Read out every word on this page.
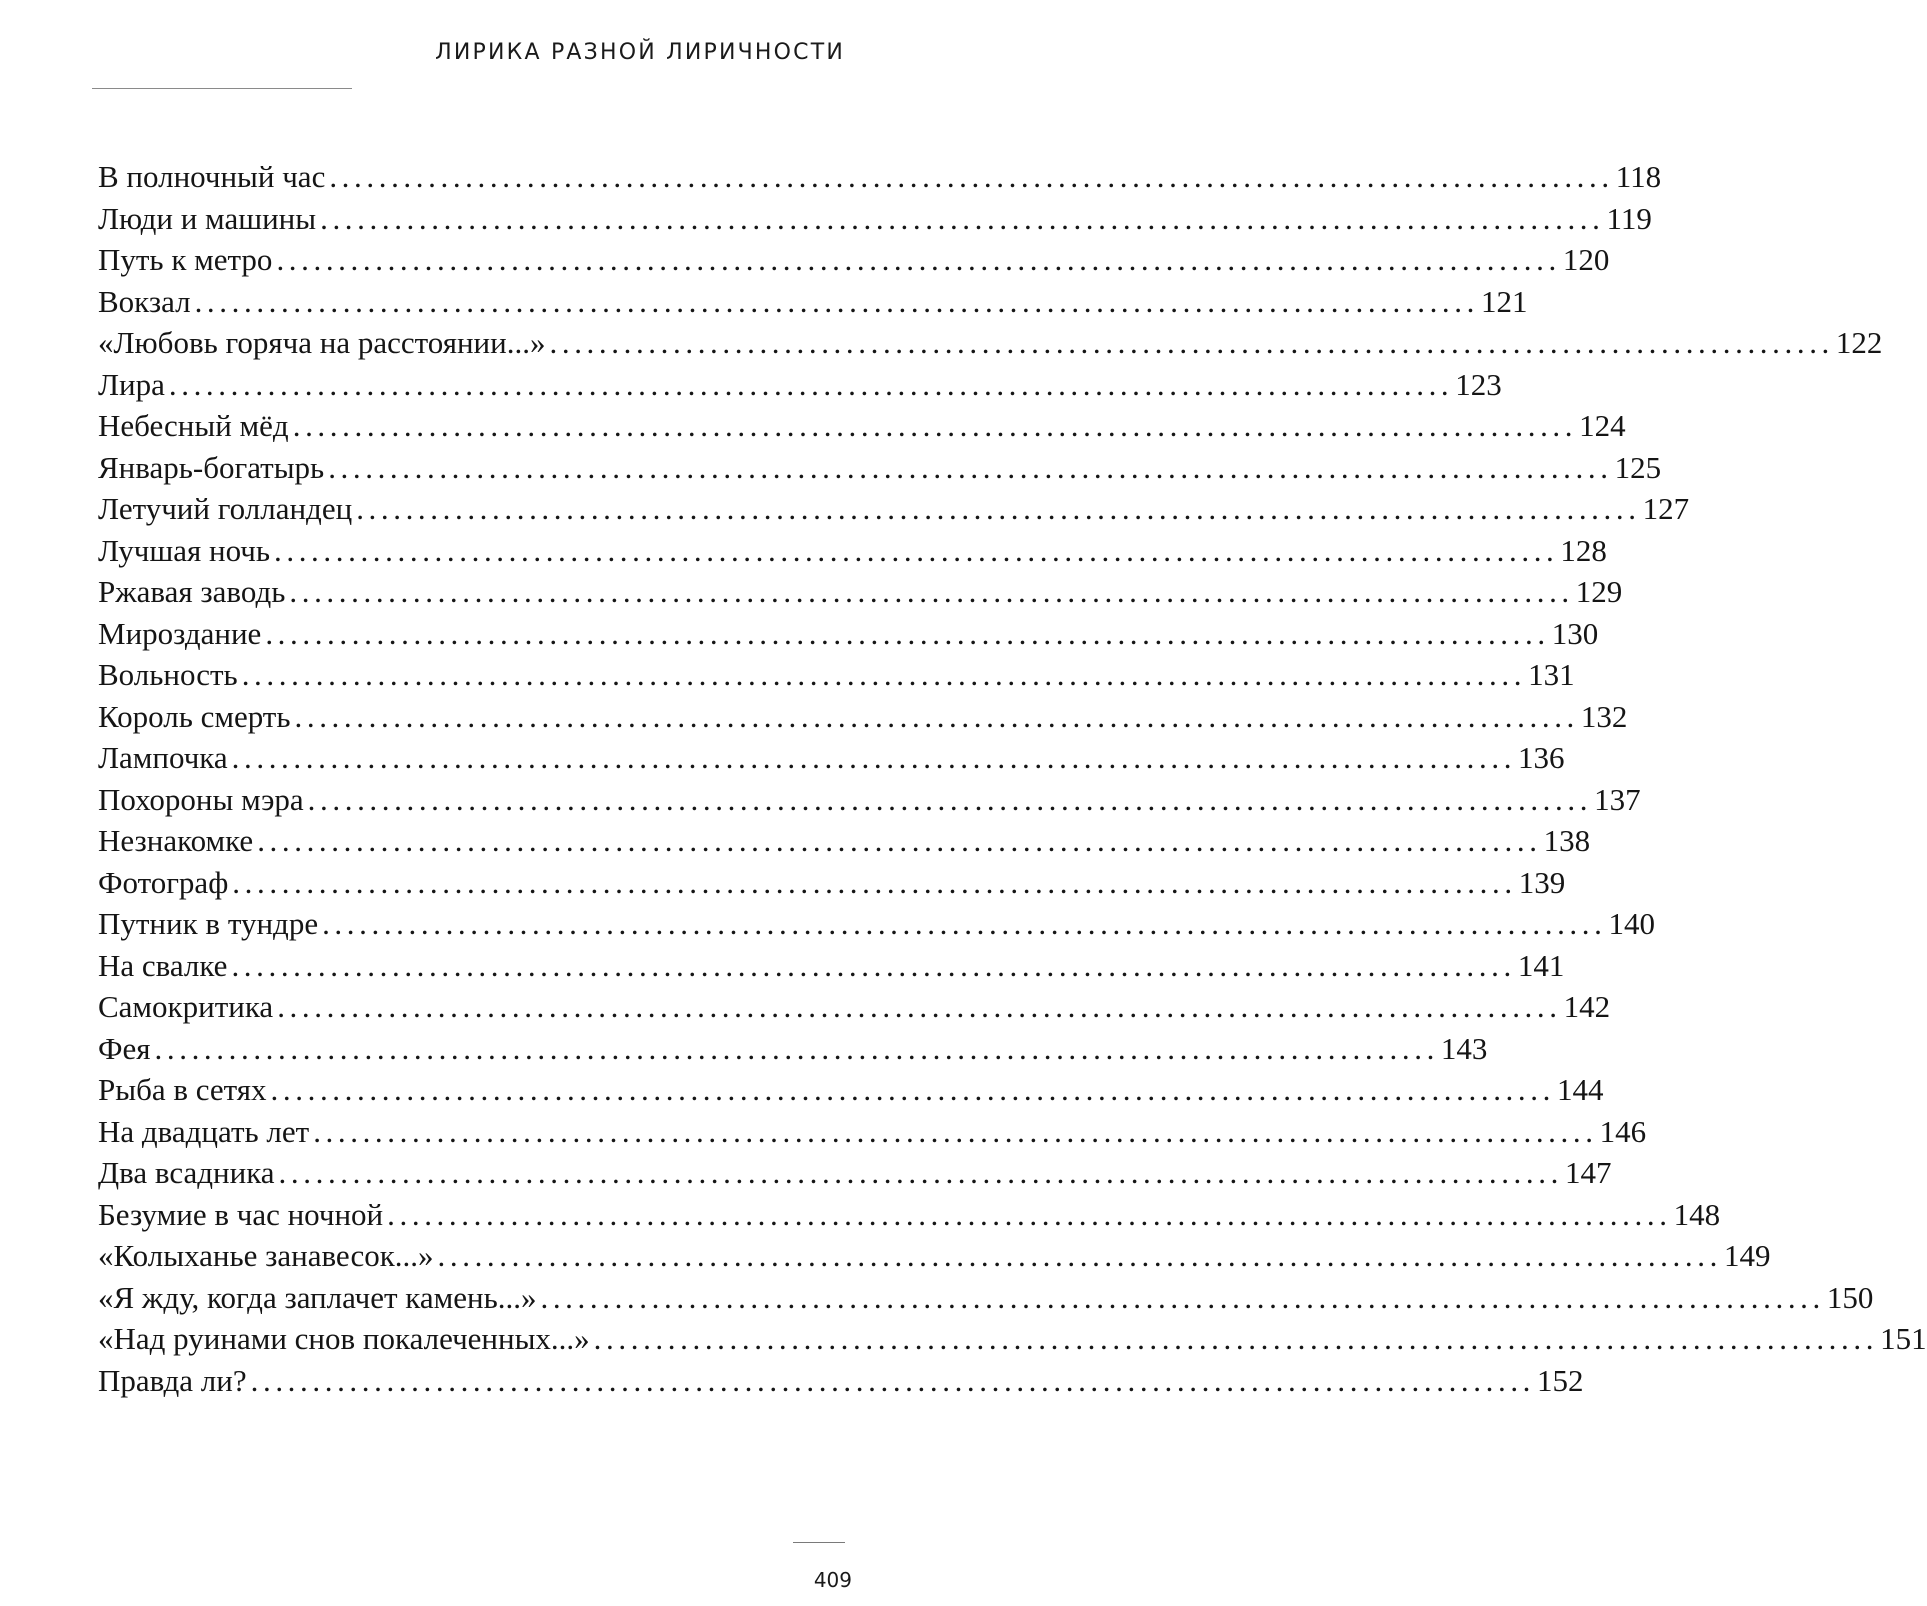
ЛИРИКА РАЗНОЙ ЛИРИЧНОСТИ
В полночный час ........................................................................................................ 118
Люди и машины ........................................................................................................ 119
Путь к метро ........................................................................................................ 120
Вокзал ........................................................................................................ 121
«Любовь горяча на расстоянии...» ........................................................................................................ 122
Лира ........................................................................................................ 123
Небесный мёд ........................................................................................................ 124
Январь-богатырь ........................................................................................................ 125
Летучий голландец ........................................................................................................ 127
Лучшая ночь ........................................................................................................ 128
Ржавая заводь ........................................................................................................ 129
Мироздание ........................................................................................................ 130
Вольность ........................................................................................................ 131
Король смерть ........................................................................................................ 132
Лампочка ........................................................................................................ 136
Похороны мэра ........................................................................................................ 137
Незнакомке ........................................................................................................ 138
Фотограф ........................................................................................................ 139
Путник в тундре ........................................................................................................ 140
На свалке ........................................................................................................ 141
Самокритика ........................................................................................................ 142
Фея ........................................................................................................ 143
Рыба в сетях ........................................................................................................ 144
На двадцать лет ........................................................................................................ 146
Два всадника ........................................................................................................ 147
Безумие в час ночной ........................................................................................................ 148
«Колыханье занавесок...» ........................................................................................................ 149
«Я жду, когда заплачет камень...» ........................................................................................................ 150
«Над руинами снов покалеченных...» ........................................................................................................ 151
Правда ли? ........................................................................................................ 152
409
